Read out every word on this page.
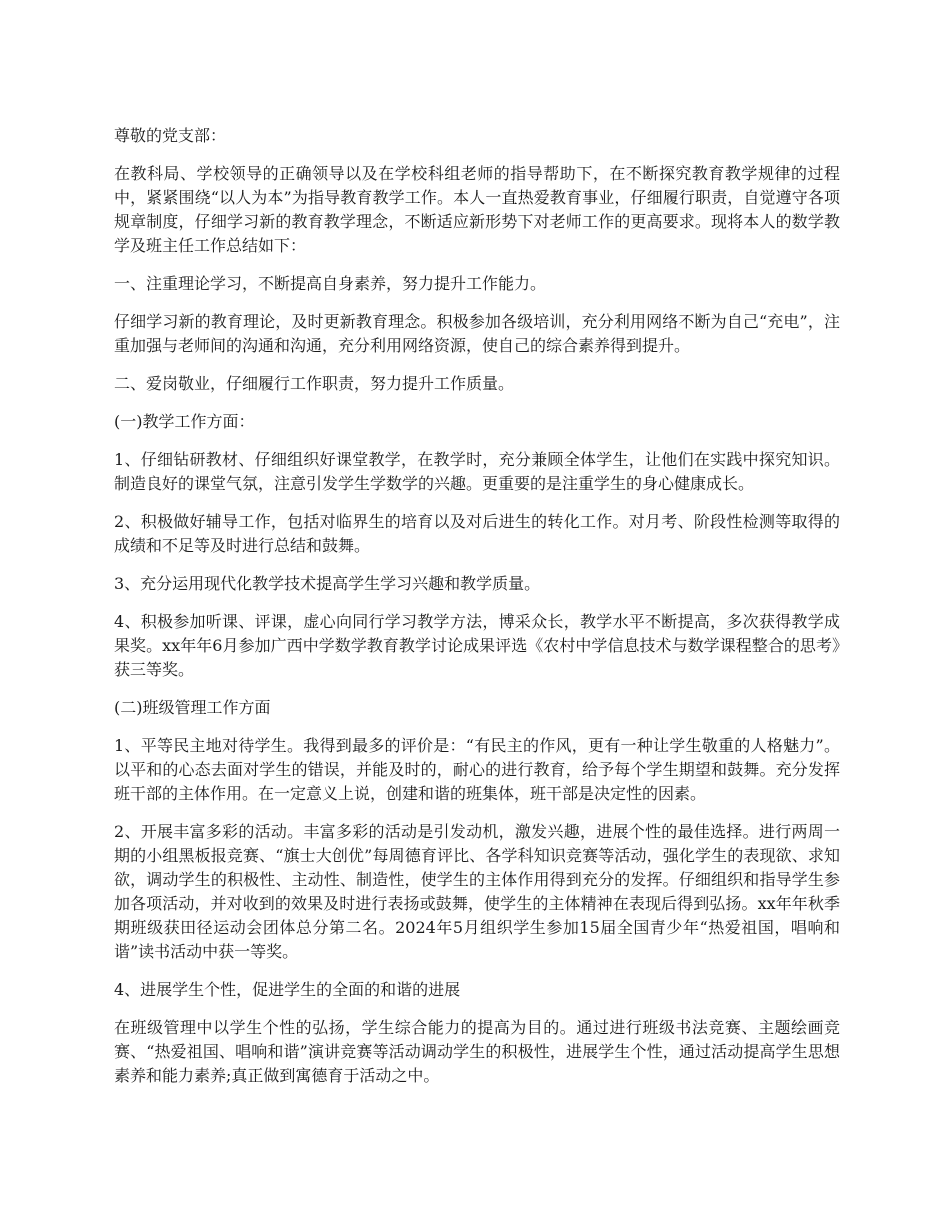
尊敬的党支部：

在教科局、学校领导的正确领导以及在学校科组老师的指导帮助下，在不断探究教育教学规律的过程中，紧紧围绕“以人为本”为指导教育教学工作。本人一直热爱教育事业，仔细履行职责，自觉遵守各项规章制度，仔细学习新的教育教学理念，不断适应新形势下对老师工作的更高要求。现将本人的数学教学及班主任工作总结如下：

一、注重理论学习，不断提高自身素养，努力提升工作能力。

仔细学习新的教育理论，及时更新教育理念。积极参加各级培训，充分利用网络不断为自己“充电”，注重加强与老师间的沟通和沟通，充分利用网络资源，使自己的综合素养得到提升。

二、爱岗敬业，仔细履行工作职责，努力提升工作质量。

(一)教学工作方面：

1、仔细钻研教材、仔细组织好课堂教学，在教学时，充分兼顾全体学生，让他们在实践中探究知识。制造良好的课堂气氛，注意引发学生学数学的兴趣。更重要的是注重学生的身心健康成长。

2、积极做好辅导工作，包括对临界生的培育以及对后进生的转化工作。对月考、阶段性检测等取得的成绩和不足等及时进行总结和鼓舞。

3、充分运用现代化教学技术提高学生学习兴趣和教学质量。

4、积极参加听课、评课，虚心向同行学习教学方法，博采众长，教学水平不断提高，多次获得教学成果奖。xx年年6月参加广西中学数学教育教学讨论成果评选《农村中学信息技术与数学课程整合的思考》获三等奖。

(二)班级管理工作方面

1、平等民主地对待学生。我得到最多的评价是：“有民主的作风，更有一种让学生敬重的人格魅力”。以平和的心态去面对学生的错误，并能及时的，耐心的进行教育，给予每个学生期望和鼓舞。充分发挥班干部的主体作用。在一定意义上说，创建和谐的班集体，班干部是决定性的因素。

2、开展丰富多彩的活动。丰富多彩的活动是引发动机，激发兴趣，进展个性的最佳选择。进行两周一期的小组黑板报竞赛、“旗士大创优”每周德育评比、各学科知识竞赛等活动，强化学生的表现欲、求知欲，调动学生的积极性、主动性、制造性，使学生的主体作用得到充分的发挥。仔细组织和指导学生参加各项活动，并对收到的效果及时进行表扬或鼓舞，使学生的主体精神在表现后得到弘扬。xx年年秋季期班级获田径运动会团体总分第二名。2024年5月组织学生参加15届全国青少年“热爱祖国，唱响和谐”读书活动中获一等奖。

4、进展学生个性，促进学生的全面的和谐的进展

在班级管理中以学生个性的弘扬，学生综合能力的提高为目的。通过进行班级书法竞赛、主题绘画竞赛、“热爱祖国、唱响和谐”演讲竞赛等活动调动学生的积极性，进展学生个性，通过活动提高学生思想素养和能力素养;真正做到寓德育于活动之中。
